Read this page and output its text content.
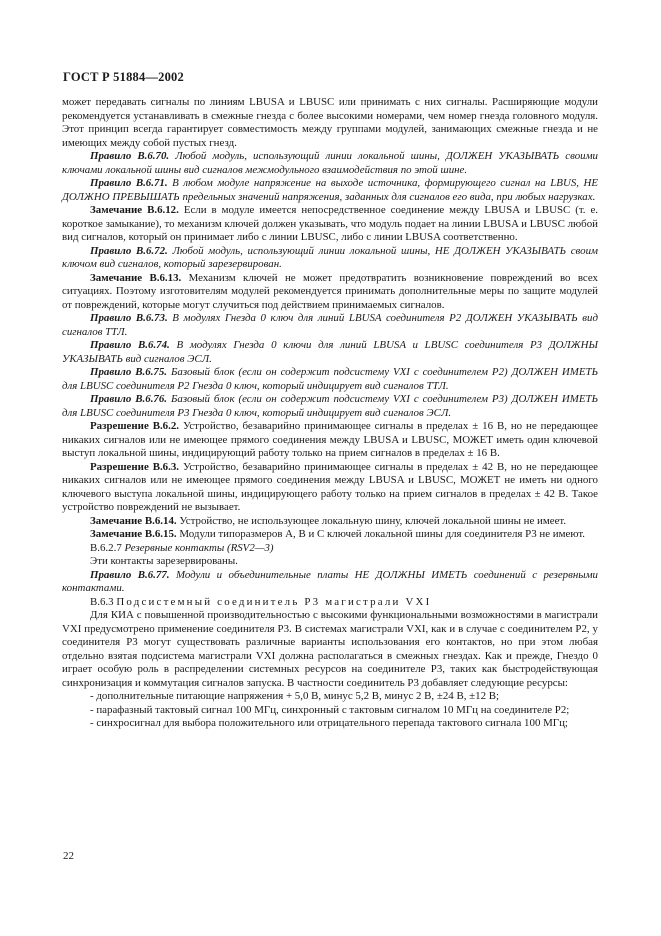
ГОСТ Р 51884—2002

может передавать сигналы по линиям LBUSA и LBUSC или принимать с них сигналы. Расширяющие модули рекомендуется устанавливать в смежные гнезда с более высокими номерами, чем номер гнезда головного модуля. Этот принцип всегда гарантирует совместимость между группами модулей, занимающих смежные гнезда и не имеющих между собой пустых гнезд.

Правило В.6.70. Любой модуль, использующий линии локальной шины, ДОЛЖЕН УКАЗЫВАТЬ своими ключами локальной шины вид сигналов межмодульного взаимодействия по этой шине.

Правило В.6.71. В любом модуле напряжение на выходе источника, формирующего сигнал на LBUS, НЕ ДОЛЖНО ПРЕВЫШАТЬ предельных значений напряжения, заданных для сигналов его вида, при любых нагрузках.

Замечание В.6.12. Если в модуле имеется непосредственное соединение между LBUSA и LBUSC (т. е. короткое замыкание), то механизм ключей должен указывать, что модуль подает на линии LBUSA и LBUSC любой вид сигналов, который он принимает либо с линии LBUSC, либо с линии LBUSA соответственно.

Правило В.6.72. Любой модуль, использующий линии локальной шины, НЕ ДОЛЖЕН УКАЗЫВАТЬ своим ключом вид сигналов, который зарезервирован.

Замечание В.6.13. Механизм ключей не может предотвратить возникновение повреждений во всех ситуациях. Поэтому изготовителям модулей рекомендуется принимать дополнительные меры по защите модулей от повреждений, которые могут случиться под действием принимаемых сигналов.

Правило В.6.73. В модулях Гнезда 0 ключ для линий LBUSA соединителя Р2 ДОЛЖЕН УКАЗЫВАТЬ вид сигналов ТТЛ.

Правило В.6.74. В модулях Гнезда 0 ключи для линий LBUSA и LBUSC соединителя Р3 ДОЛЖНЫ УКАЗЫВАТЬ вид сигналов ЭСЛ.

Правило В.6.75. Базовый блок (если он содержит подсистему VXI с соединителем Р2) ДОЛЖЕН ИМЕТЬ для LBUSC соединителя Р2 Гнезда 0 ключ, который индицирует вид сигналов ТТЛ.

Правило В.6.76. Базовый блок (если он содержит подсистему VXI с соединителем Р3) ДОЛЖЕН ИМЕТЬ для LBUSC соединителя Р3 Гнезда 0 ключ, который индицирует вид сигналов ЭСЛ.

Разрешение В.6.2. Устройство, безаварийно принимающее сигналы в пределах ± 16 В, но не передающее никаких сигналов или не имеющее прямого соединения между LBUSA и LBUSC, МОЖЕТ иметь один ключевой выступ локальной шины, индицирующий работу только на прием сигналов в пределах ± 16 В.

Разрешение В.6.3. Устройство, безаварийно принимающее сигналы в пределах ± 42 В, но не передающее никаких сигналов или не имеющее прямого соединения между LBUSA и LBUSC, МОЖЕТ не иметь ни одного ключевого выступа локальной шины, индицирующего работу только на прием сигналов в пределах ± 42 В. Такое устройство повреждений не вызывает.

Замечание В.6.14. Устройство, не использующее локальную шину, ключей локальной шины не имеет.

Замечание В.6.15. Модули типоразмеров А, В и С ключей локальной шины для соединителя Р3 не имеют.

В.6.2.7 Резервные контакты (RSV2—3)

Эти контакты зарезервированы.

Правило В.6.77. Модули и объединительные платы НЕ ДОЛЖНЫ ИМЕТЬ соединений с резервными контактами.

В.6.3 Подсистемный соединитель Р3 магистрали VXI

Для КИА с повышенной производительностью с высокими функциональными возможностями в магистрали VXI предусмотрено применение соединителя Р3. В системах магистрали VXI, как и в случае с соединителем Р2, у соединителя Р3 могут существовать различные варианты использования его контактов, но при этом любая отдельно взятая подсистема магистрали VXI должна располагаться в смежных гнездах. Как и прежде, Гнездо 0 играет особую роль в распределении системных ресурсов на соединителе Р3, таких как быстродействующая синхронизация и коммутация сигналов запуска. В частности соединитель Р3 добавляет следующие ресурсы:

- дополнительные питающие напряжения + 5,0 В, минус 5,2 В, минус 2 В, ±24 В, ±12 В;

- парафазный тактовый сигнал 100 МГц, синхронный с тактовым сигналом 10 МГц на соединителе Р2;

- синхросигнал для выбора положительного или отрицательного перепада тактового сигнала 100 МГц;

22
